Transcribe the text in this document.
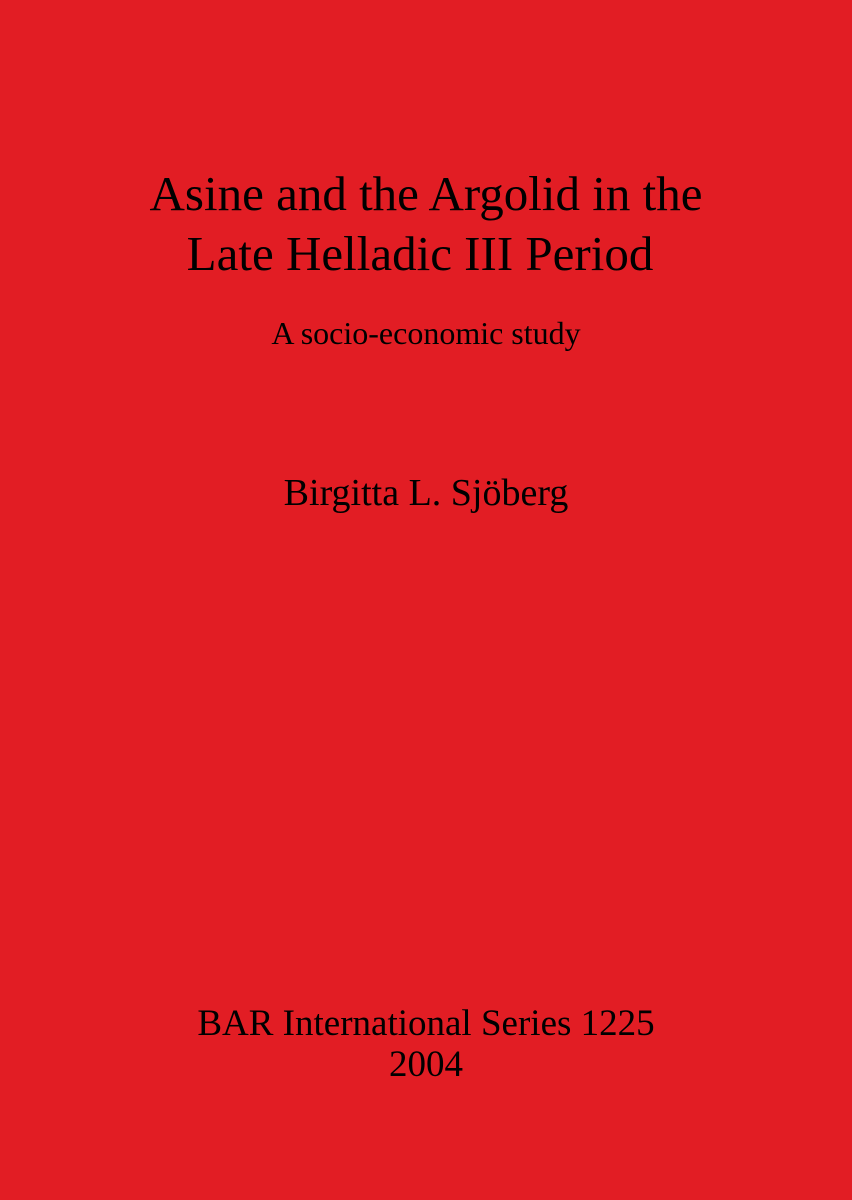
Asine and the Argolid in the
Late Helladic III Period
A socio-economic study
Birgitta L. Sjöberg
BAR International Series 1225
2004
